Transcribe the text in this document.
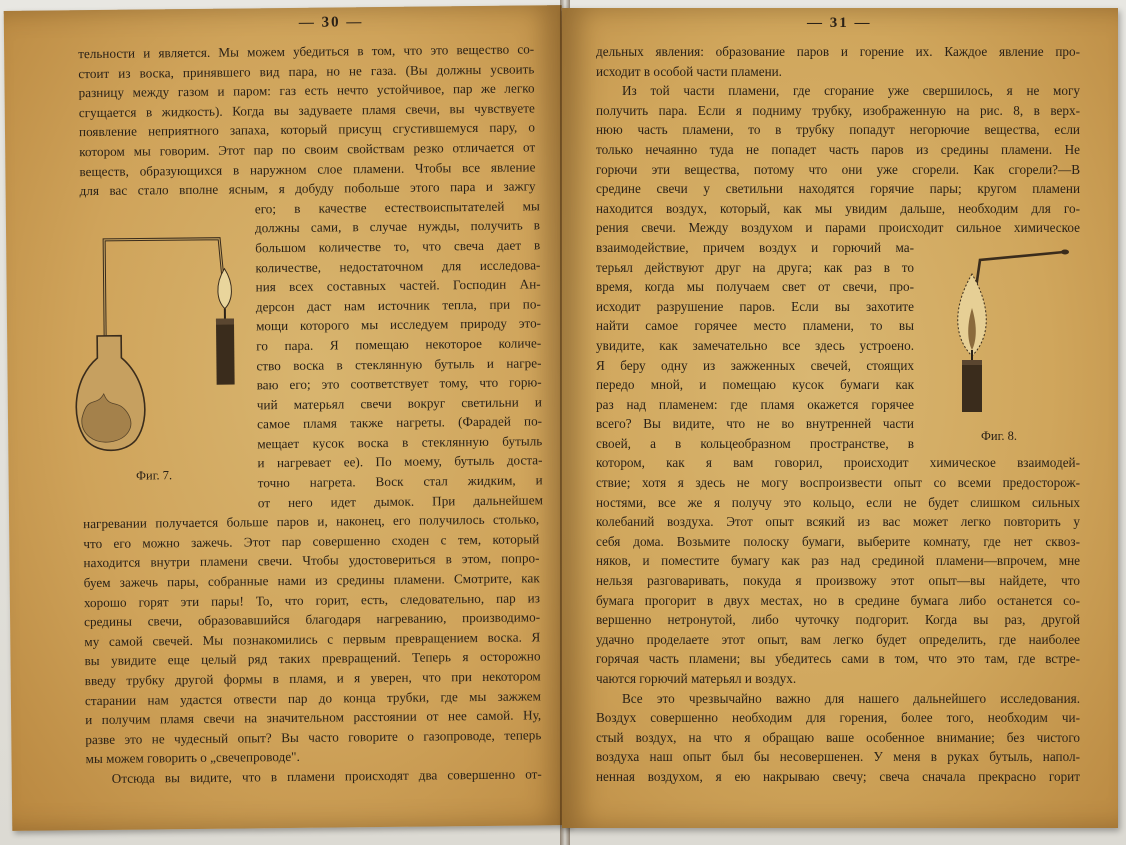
— 30 —
тельности и является. Мы можем убедиться в том, что это вещество со-
стоит из воска, принявшего вид пара, но не газа. (Вы должны усвоить
разницу между газом и паром: газ есть нечто устойчивое, пар же легко
сгущается в жидкость). Когда вы задуваете пламя свечи, вы чувствуете
появление неприятного запаха, который присущ сгустившемуся пару, о
котором мы говорим. Этот пар по своим свойствам резко отличается от
веществ, образующихся в наружном слое пламени. Чтобы все явление
для вас стало вполне ясным, я добуду побольше этого пара и зажгу
его; в качестве естествоиспытателей мы
должны сами, в случае нужды, получить в
большом количестве то, что свеча дает в
количестве, недостаточном для исследова-
ния всех составных частей. Господин Ан-
дерсон даст нам источник тепла, при по-
мощи которого мы исследуем природу это-
го пара. Я помещаю некоторое количе-
ство воска в стеклянную бутыль и нагре-
ваю его; это соответствует тому, что горю-
чий матерьял свечи вокруг светильни и
самое пламя также нагреты. (Фарадей по-
мещает кусок воска в стеклянную бутыль
и нагревает ее). По моему, бутыль доста-
точно нагрета. Воск стал жидким, и
от него идет дымок. При дальнейшем
нагревании получается больше паров и, наконец, его получилось столько,
что его можно зажечь. Этот пар совершенно сходен с тем, который
находится внутри пламени свечи. Чтобы удостовериться в этом, попро-
буем зажечь пары, собранные нами из средины пламени. Смотрите, как
хорошо горят эти пары! То, что горит, есть, следовательно, пар из
средины свечи, образовавшийся благодаря нагреванию, производимо-
му самой свечей. Мы познакомились с первым превращением воска. Я
вы увидите еще целый ряд таких превращений. Теперь я осторожно
введу трубку другой формы в пламя, и я уверен, что при некотором
старании нам удастся отвести пар до конца трубки, где мы зажжем
и получим пламя свечи на значительном расстоянии от нее самой. Ну,
разве это не чудесный опыт? Вы часто говорите о газопроводе, теперь
мы можем говорить о „свечепроводе".
Отсюда вы видите, что в пламени происходят два совершенно от-
Фиг. 7.
— 31 —
дельных явления: образование паров и горение их. Каждое явление про-
исходит в особой части пламени.
Из той части пламени, где сгорание уже свершилось, я не могу
получить пара. Если я подниму трубку, изображенную на рис. 8, в верх-
нюю часть пламени, то в трубку попадут негорючие вещества, если
только нечаянно туда не попадет часть паров из средины пламени. Не
горючи эти вещества, потому что они уже сгорели. Как сгорели?—В
средине свечи у светильни находятся горячие пары; кругом пламени
находится воздух, который, как мы увидим дальше, необходим для го-
рения свечи. Между воздухом и парами происходит сильное химическое
взаимодействие, причем воздух и горючий ма-
терьял действуют друг на друга; как раз в то
время, когда мы получаем свет от свечи, про-
исходит разрушение паров. Если вы захотите
найти самое горячее место пламени, то вы
увидите, как замечательно все здесь устроено.
Я беру одну из зажженных свечей, стоящих
передо мной, и помещаю кусок бумаги как
раз над пламенем: где пламя окажется горячее
всего? Вы видите, что не во внутренней части
своей, а в кольцеобразном пространстве, в
котором, как я вам говорил, происходит химическое взаимодей-
ствие; хотя я здесь не могу воспроизвести опыт со всеми предосторож-
ностями, все же я получу это кольцо, если не будет слишком сильных
колебаний воздуха. Этот опыт всякий из вас может легко повторить у
себя дома. Возьмите полоску бумаги, выберите комнату, где нет сквоз-
няков, и поместите бумагу как раз над срединой пламени—впрочем, мне
нельзя разговаривать, покуда я произвожу этот опыт—вы найдете, что
бумага прогорит в двух местах, но в средине бумага либо останется со-
вершенно нетронутой, либо чуточку подгорит. Когда вы раз, другой
удачно проделаете этот опыт, вам легко будет определить, где наиболее
горячая часть пламени; вы убедитесь сами в том, что это там, где встре-
чаются горючий матерьял и воздух.
Все это чрезвычайно важно для нашего дальнейшего исследования.
Воздух совершенно необходим для горения, более того, необходим чи-
стый воздух, на что я обращаю ваше особенное внимание; без чистого
воздуха наш опыт был бы несовершенен. У меня в руках бутыль, напол-
ненная воздухом, я ею накрываю свечу; свеча сначала прекрасно горит
Фиг. 8.
